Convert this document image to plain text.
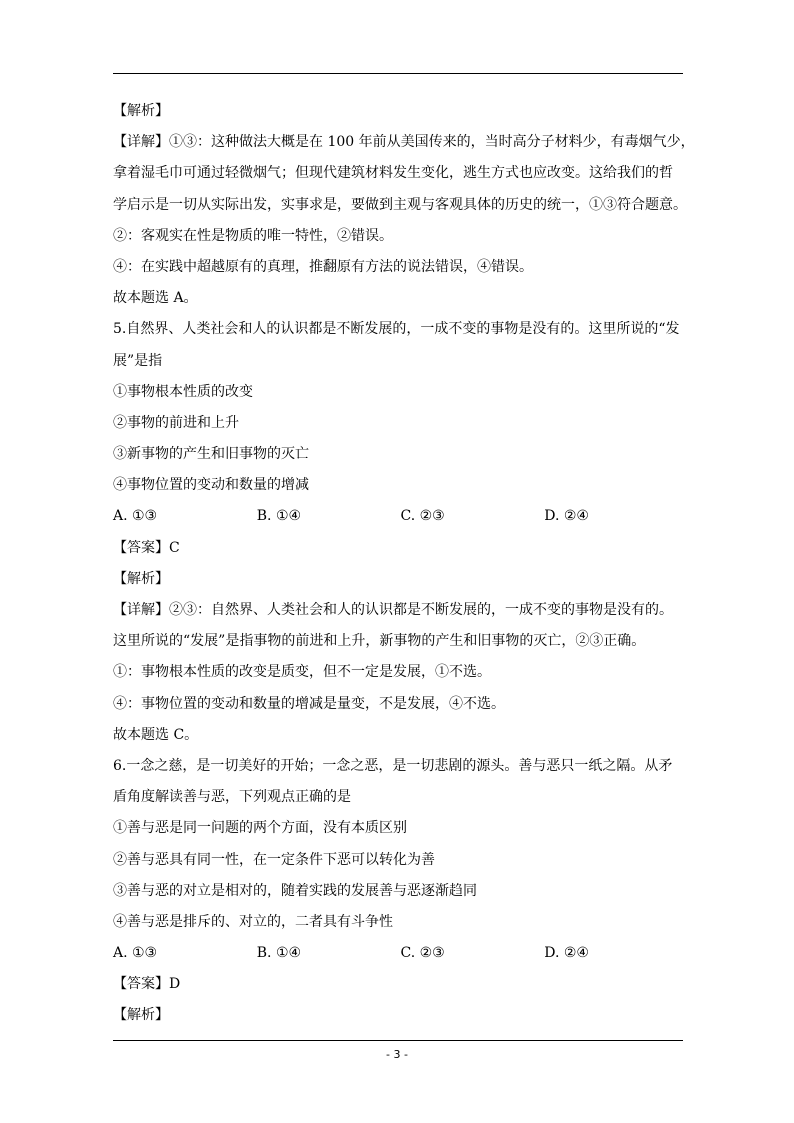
【解析】
【详解】①③：这种做法大概是在 100 年前从美国传来的，当时高分子材料少，有毒烟气少，
拿着湿毛巾可通过轻微烟气；但现代建筑材料发生变化，逃生方式也应改变。这给我们的哲
学启示是一切从实际出发，实事求是，要做到主观与客观具体的历史的统一，①③符合题意。
②：客观实在性是物质的唯一特性，②错误。
④：在实践中超越原有的真理，推翻原有方法的说法错误，④错误。
故本题选 A。
5.自然界、人类社会和人的认识都是不断发展的，一成不变的事物是没有的。这里所说的“发
展”是指
①事物根本性质的改变
②事物的前进和上升
③新事物的产生和旧事物的灭亡
④事物位置的变动和数量的增减
A. ①③	B. ①④	C. ②③	D. ②④
【答案】C
【解析】
【详解】②③：自然界、人类社会和人的认识都是不断发展的，一成不变的事物是没有的。
这里所说的“发展”是指事物的前进和上升，新事物的产生和旧事物的灭亡，②③正确。
①：事物根本性质的改变是质变，但不一定是发展，①不选。
④：事物位置的变动和数量的增减是量变，不是发展，④不选。
故本题选 C。
6.一念之慈，是一切美好的开始；一念之恶，是一切悲剧的源头。善与恶只一纸之隔。从矛
盾角度解读善与恶，下列观点正确的是
①善与恶是同一问题的两个方面，没有本质区别
②善与恶具有同一性，在一定条件下恶可以转化为善
③善与恶的对立是相对的，随着实践的发展善与恶逐渐趋同
④善与恶是排斥的、对立的，二者具有斗争性
A. ①③	B. ①④	C. ②③	D. ②④
【答案】D
【解析】
- 3 -
